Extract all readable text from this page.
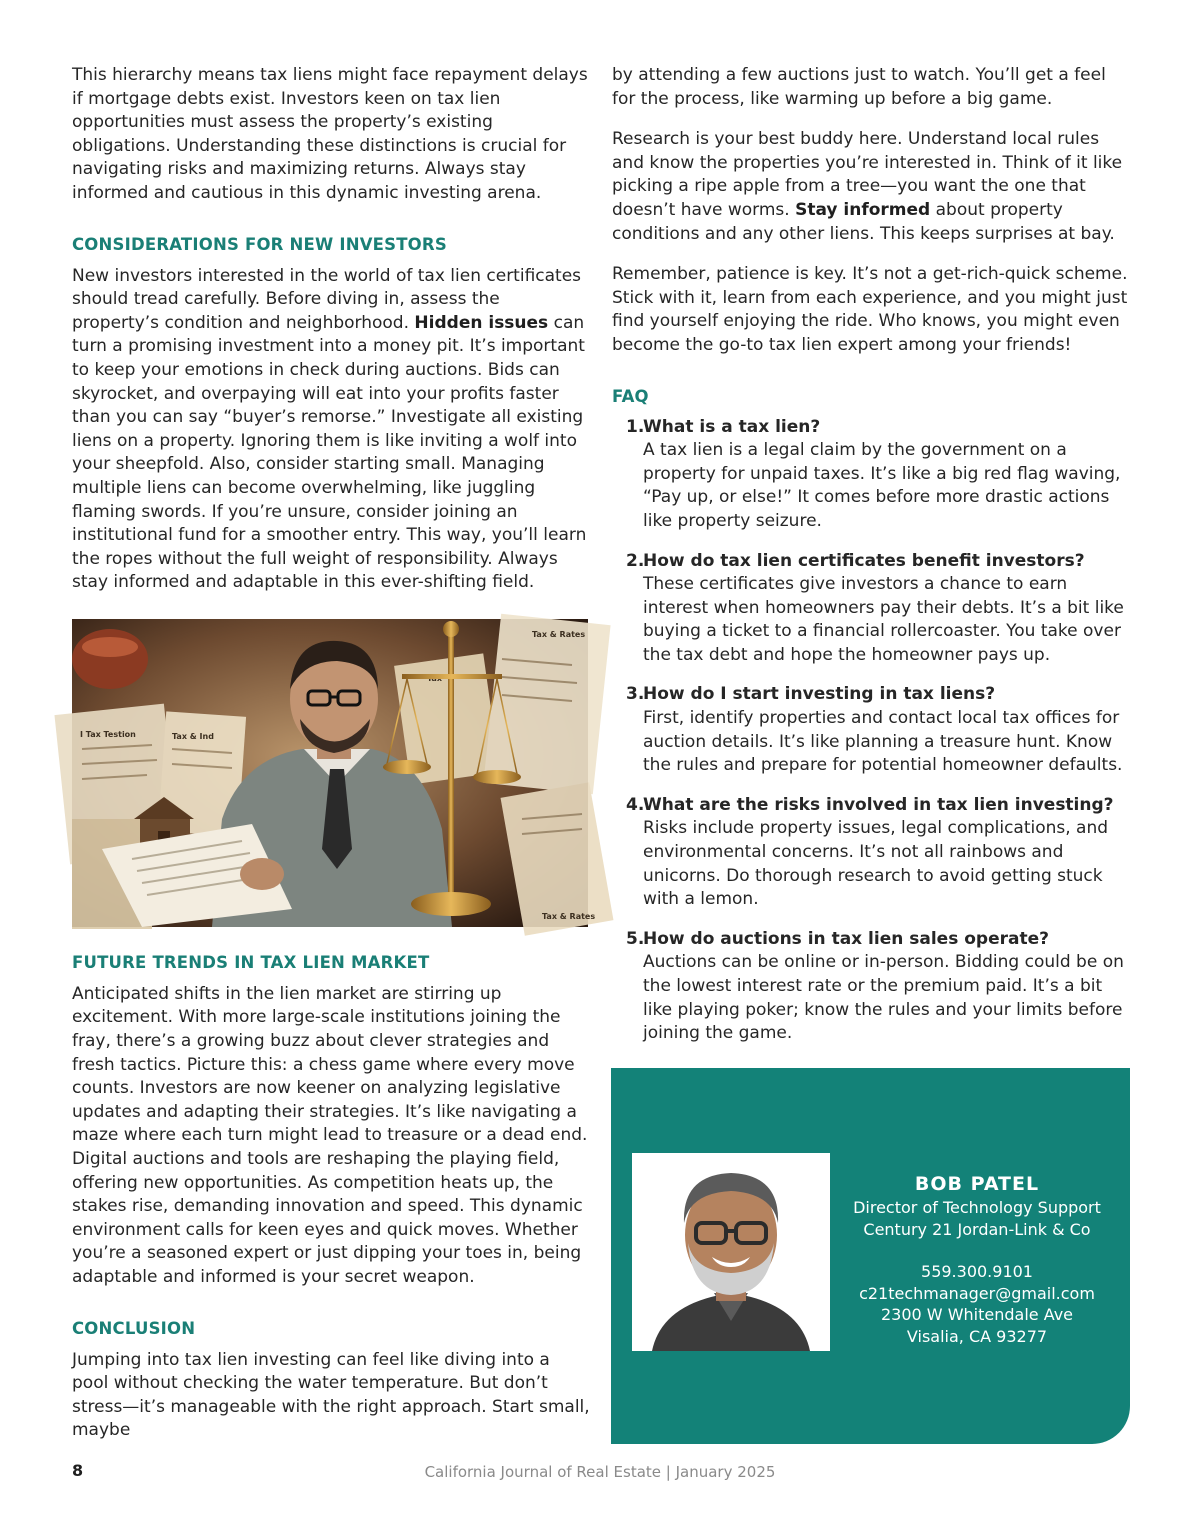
This hierarchy means tax liens might face repayment delays if mortgage debts exist. Investors keen on tax lien opportunities must assess the property’s existing obligations. Understanding these distinctions is crucial for navigating risks and maximizing returns. Always stay informed and cautious in this dynamic investing arena.

CONSIDERATIONS FOR NEW INVESTORS

New investors interested in the world of tax lien certificates should tread carefully. Before diving in, assess the property’s condition and neighborhood. Hidden issues can turn a promising investment into a money pit. It’s important to keep your emotions in check during auctions. Bids can skyrocket, and overpaying will eat into your profits faster than you can say “buyer’s remorse.” Investigate all existing liens on a property. Ignoring them is like inviting a wolf into your sheepfold. Also, consider starting small. Managing multiple liens can become overwhelming, like juggling flaming swords. If you’re unsure, consider joining an institutional fund for a smoother entry. This way, you’ll learn the ropes without the full weight of responsibility. Always stay informed and adaptable in this ever-shifting field.

Tax & Rates
I Tax Testion	Tax & Ind
Tax & Rates
FUTURE TRENDS IN TAX LIEN MARKET

Anticipated shifts in the lien market are stirring up excitement. With more large-scale institutions joining the fray, there’s a growing buzz about clever strategies and fresh tactics. Picture this: a chess game where every move counts. Investors are now keener on analyzing legislative updates and adapting their strategies. It’s like navigating a maze where each turn might lead to treasure or a dead end. Digital auctions and tools are reshaping the playing field, offering new opportunities. As competition heats up, the stakes rise, demanding innovation and speed. This dynamic environment calls for keen eyes and quick moves. Whether you’re a seasoned expert or just dipping your toes in, being adaptable and informed is your secret weapon.

CONCLUSION

Jumping into tax lien investing can feel like diving into a pool without checking the water temperature. But don’t stress—it’s manageable with the right approach. Start small, maybe

by attending a few auctions just to watch. You’ll get a feel for the process, like warming up before a big game.

Research is your best buddy here. Understand local rules and know the properties you’re interested in. Think of it like picking a ripe apple from a tree—you want the one that doesn’t have worms. Stay informed about property conditions and any other liens. This keeps surprises at bay.

Remember, patience is key. It’s not a get-rich-quick scheme. Stick with it, learn from each experience, and you might just find yourself enjoying the ride. Who knows, you might even become the go-to tax lien expert among your friends!

FAQ
1.

What is a tax lien?

A tax lien is a legal claim by the government on a property for unpaid taxes. It’s like a big red flag waving, “Pay up, or else!” It comes before more drastic actions like property seizure.

2.

How do tax lien certificates benefit investors?

These certificates give investors a chance to earn interest when homeowners pay their debts. It’s a bit like buying a ticket to a financial rollercoaster. You take over the tax debt and hope the homeowner pays up.

3.

How do I start investing in tax liens?

First, identify properties and contact local tax offices for auction details. It’s like planning a treasure hunt. Know the rules and prepare for potential homeowner defaults.

4.

What are the risks involved in tax lien investing?

Risks include property issues, legal complications, and environmental concerns. It’s not all rainbows and unicorns. Do thorough research to avoid getting stuck with a lemon.

5.

How do auctions in tax lien sales operate?

Auctions can be online or in-person. Bidding could be on the lowest interest rate or the premium paid. It’s a bit like playing poker; know the rules and your limits before joining the game.

BOB PATEL
Director of Technology Support
Century 21 Jordan-Link & Co
559.300.9101
c21techmanager@gmail.com
2300 W Whitendale Ave
Visalia, CA 93277
8	California Journal of Real Estate | January 2025
